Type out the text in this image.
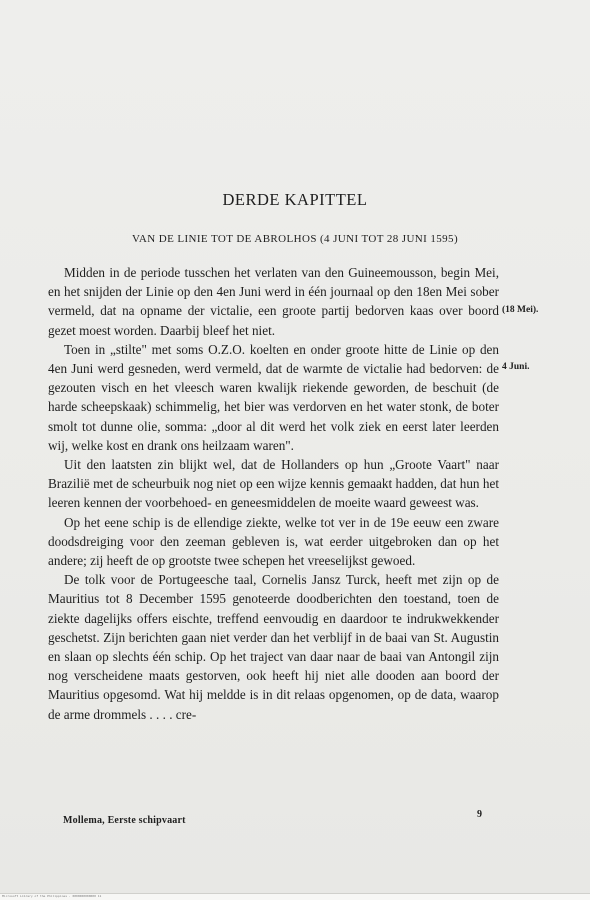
DERDE KAPITTEL
VAN DE LINIE TOT DE ABROLHOS (4 JUNI TOT 28 JUNI 1595)

Midden in de periode tusschen het verlaten van den Guineemousson, begin Mei, en het snijden der Linie op den 4en Juni werd in één journaal op den 18en Mei sober vermeld, dat na opname der victalie, een groote partij bedorven kaas over boord gezet moest worden. Daarbij bleef het niet.

Toen in „stilte" met soms O.Z.O. koelten en onder groote hitte de Linie op den 4en Juni werd gesneden, werd vermeld, dat de warmte de victalie had bedorven: de gezouten visch en het vleesch waren kwalijk riekende geworden, de beschuit (de harde scheepskaak) schimmelig, het bier was verdorven en het water stonk, de boter smolt tot dunne olie, somma: „door al dit werd het volk ziek en eerst later leerden wij, welke kost en drank ons heilzaam waren".

Uit den laatsten zin blijkt wel, dat de Hollanders op hun „Groote Vaart" naar Brazilië met de scheurbuik nog niet op een wijze kennis gemaakt hadden, dat hun het leeren kennen der voorbehoed- en geneesmiddelen de moeite waard geweest was.

Op het eene schip is de ellendige ziekte, welke tot ver in de 19e eeuw een zware doodsdreiging voor den zeeman gebleven is, wat eerder uitgebroken dan op het andere; zij heeft de op grootste twee schepen het vreeselijkst gewoed.

De tolk voor de Portugeesche taal, Cornelis Jansz Turck, heeft met zijn op de Mauritius tot 8 December 1595 genoteerde doodberichten den toestand, toen de ziekte dagelijks offers eischte, treffend eenvoudig en daardoor te indrukwekkender geschetst. Zijn berichten gaan niet verder dan het verblijf in de baai van St. Augustin en slaan op slechts één schip. Op het traject van daar naar de baai van Antongil zijn nog verscheidene maats gestorven, ook heeft hij niet alle dooden aan boord der Mauritius opgesomd. Wat hij meldde is in dit relaas opgenomen, op de data, waarop de arme drommels . . . . cre-

(18 Mei).
4 Juni.
Mollema, Eerste schipvaart
9
Microsoft Library of the Philippines · 0000000000000 11
